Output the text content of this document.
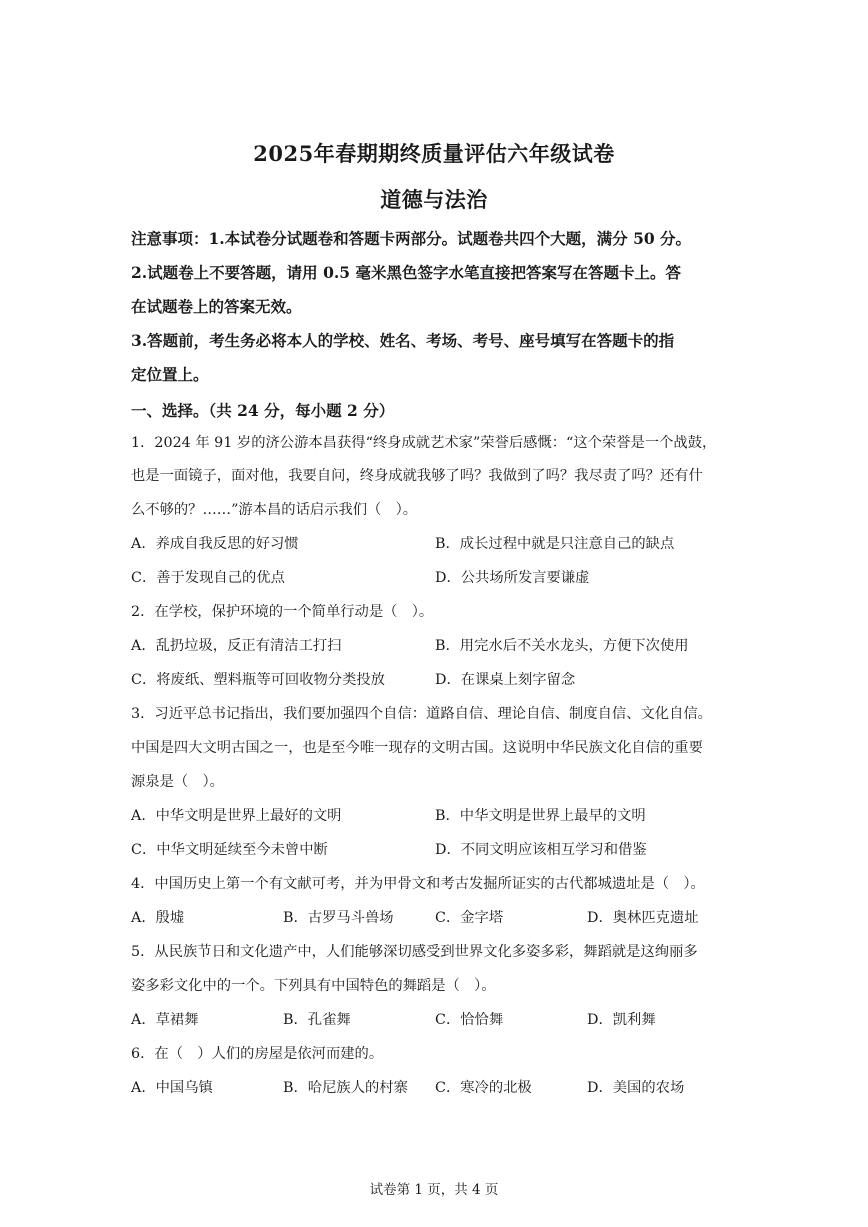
2025年春期期终质量评估六年级试卷
道德与法治
注意事项：1.本试卷分试题卷和答题卡两部分。试题卷共四个大题，满分 50 分。
2.试题卷上不要答题，请用 0.5 毫米黑色签字水笔直接把答案写在答题卡上。答
在试题卷上的答案无效。
3.答题前，考生务必将本人的学校、姓名、考场、考号、座号填写在答题卡的指
定位置上。
一、选择。（共 24 分，每小题 2 分）
1．2024 年 91 岁的济公游本昌获得“终身成就艺术家”荣誉后感慨：“这个荣誉是一个战鼓，
也是一面镜子，面对他，我要自问，终身成就我够了吗？我做到了吗？我尽责了吗？还有什
么不够的？……”游本昌的话启示我们（　）。
A．养成自我反思的好习惯	B．成长过程中就是只注意自己的缺点
C．善于发现自己的优点	D．公共场所发言要谦虚
2．在学校，保护环境的一个简单行动是（　）。
A．乱扔垃圾，反正有清洁工打扫	B．用完水后不关水龙头，方便下次使用
C．将废纸、塑料瓶等可回收物分类投放	D．在课桌上刻字留念
3．习近平总书记指出，我们要加强四个自信：道路自信、理论自信、制度自信、文化自信。
中国是四大文明古国之一，也是至今唯一现存的文明古国。这说明中华民族文化自信的重要
源泉是（　）。
A．中华文明是世界上最好的文明	B．中华文明是世界上最早的文明
C．中华文明延续至今未曾中断	D．不同文明应该相互学习和借鉴
4．中国历史上第一个有文献可考，并为甲骨文和考古发掘所证实的古代都城遗址是（　）。
A．殷墟	B．古罗马斗兽场	C．金字塔	D．奥林匹克遗址
5．从民族节日和文化遗产中，人们能够深切感受到世界文化多姿多彩，舞蹈就是这绚丽多
姿多彩文化中的一个。下列具有中国特色的舞蹈是（　）。
A．草裙舞	B．孔雀舞	C．恰恰舞	D．凯利舞
6．在（　）人们的房屋是依河而建的。
A．中国乌镇	B．哈尼族人的村寨 C．寒冷的北极	D．美国的农场
试卷第 1 页，共 4 页
